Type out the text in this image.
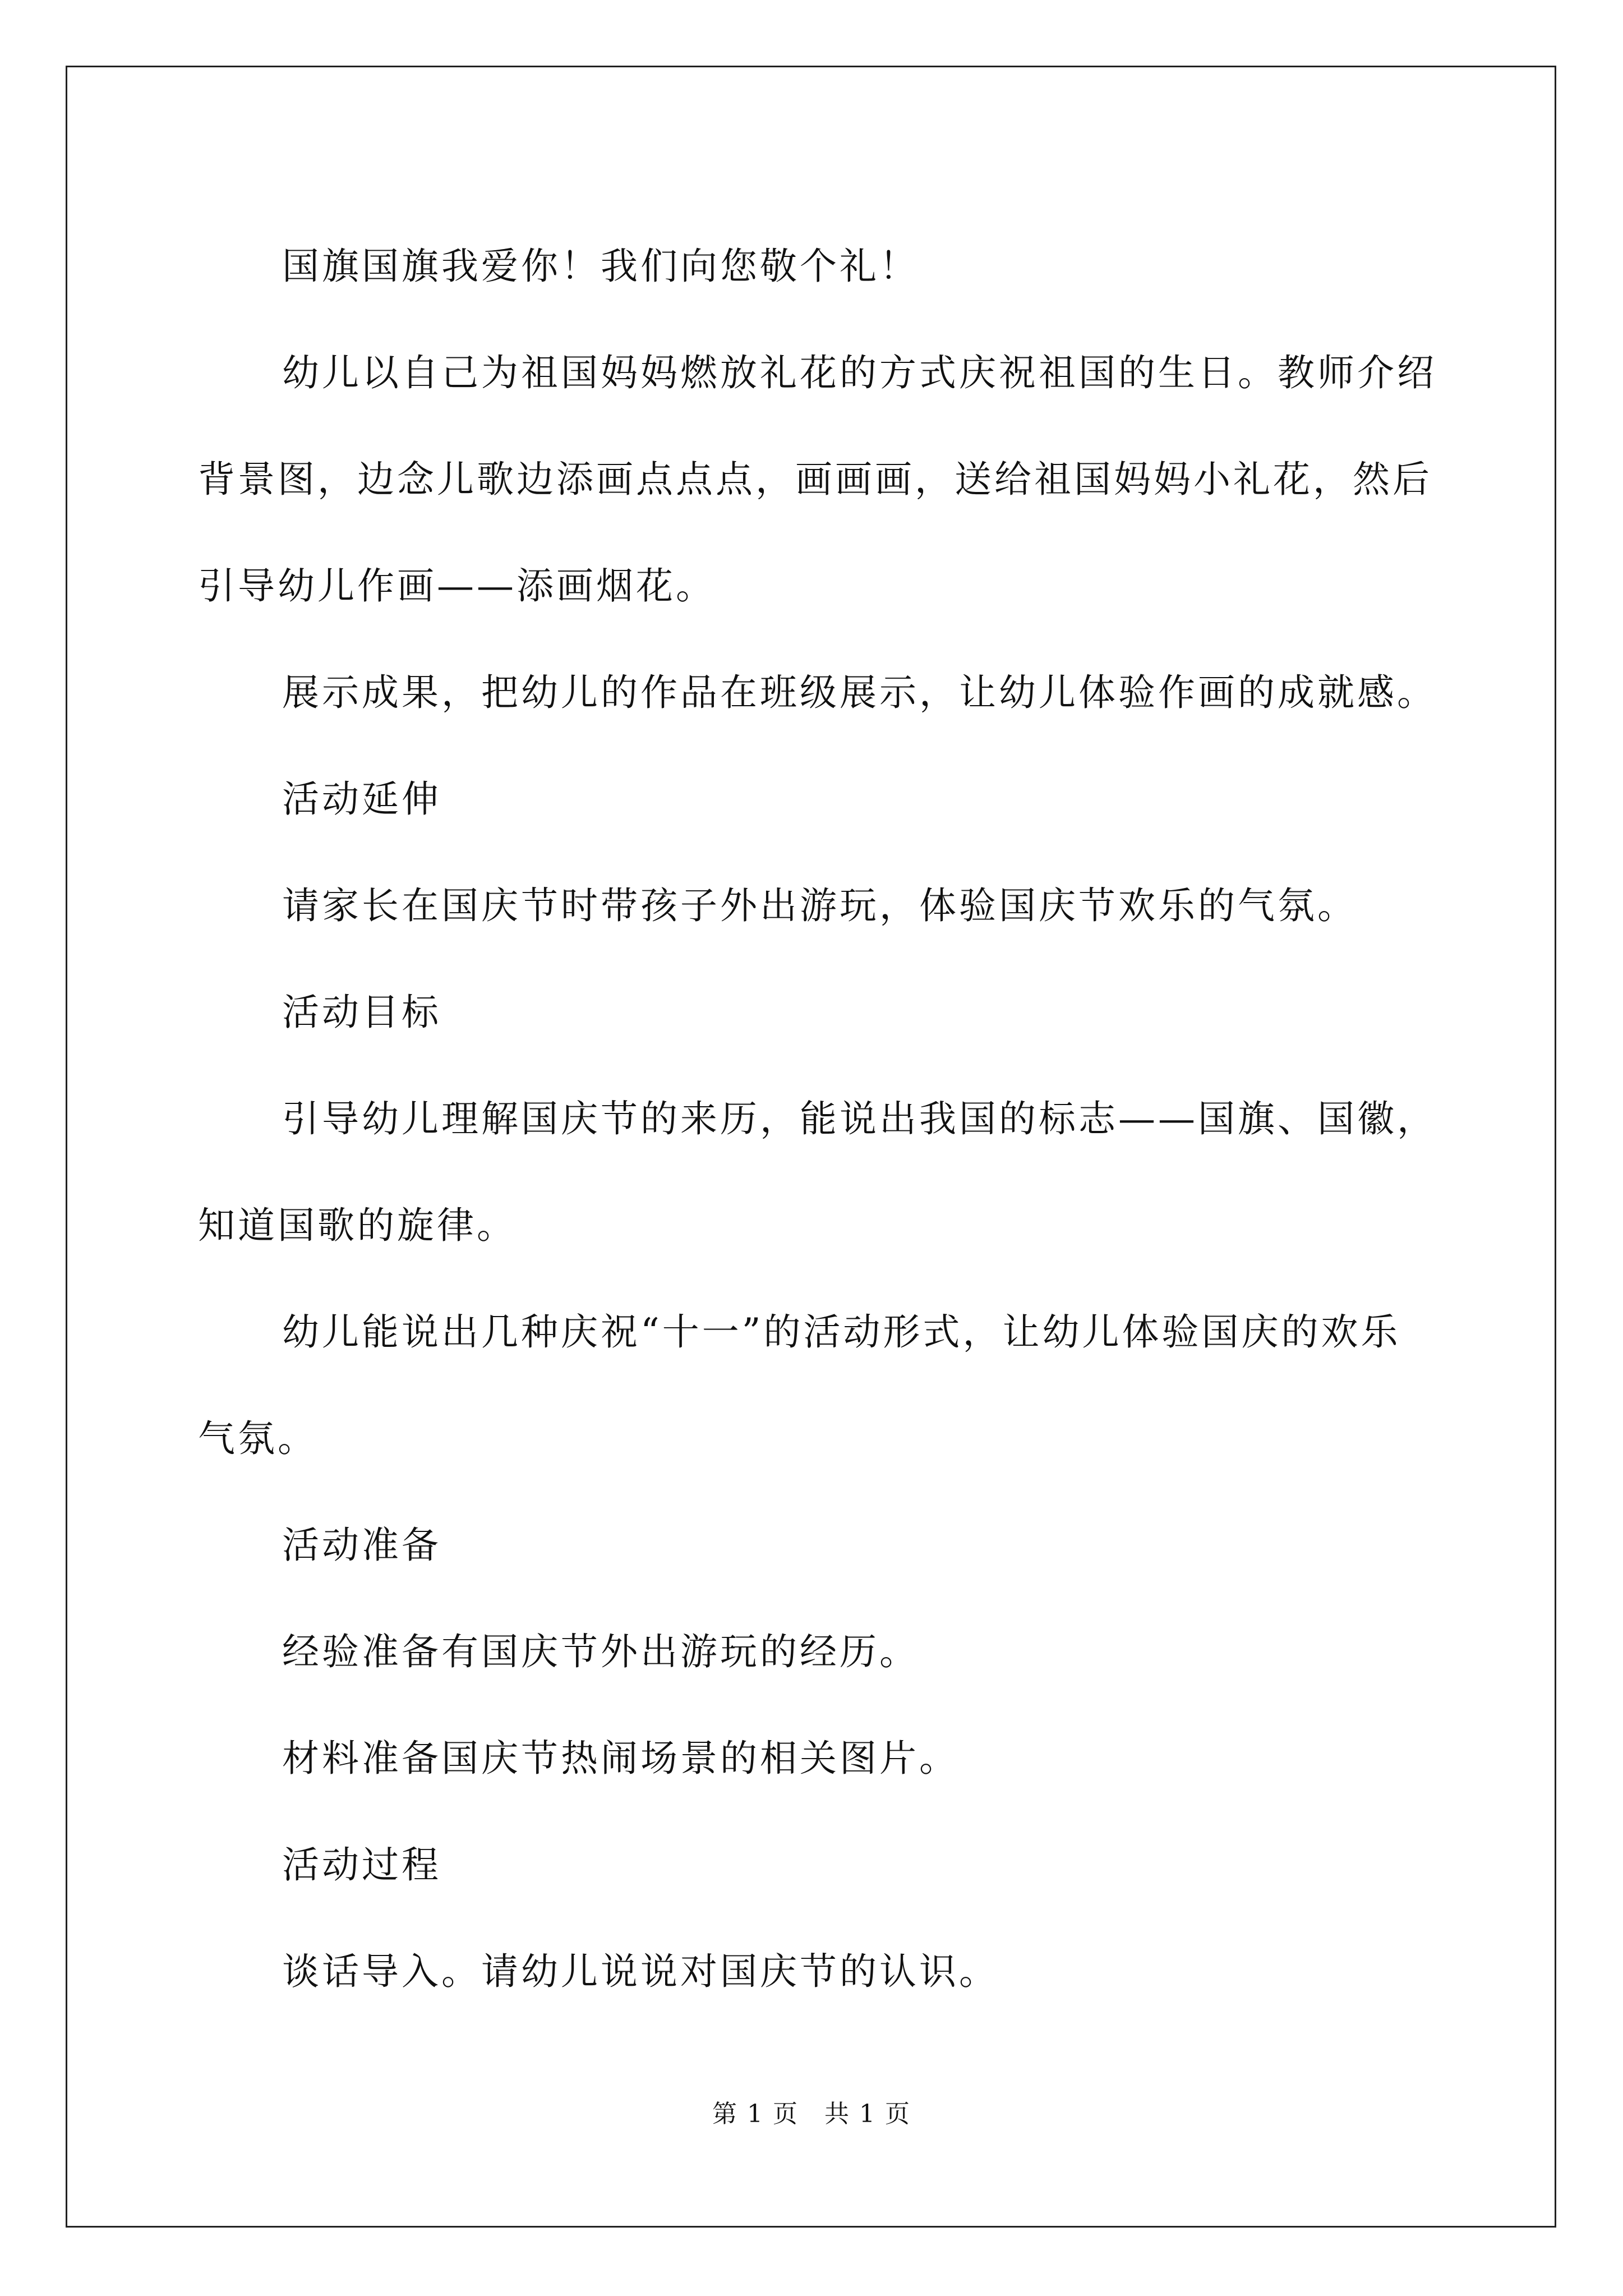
国旗国旗我爱你！我们向您敬个礼！

幼儿以自己为祖国妈妈燃放礼花的方式庆祝祖国的生日。教师介绍背景图，边念儿歌边添画点点点，画画画，送给祖国妈妈小礼花，然后引导幼儿作画——添画烟花。

展示成果，把幼儿的作品在班级展示，让幼儿体验作画的成就感。

活动延伸

请家长在国庆节时带孩子外出游玩，体验国庆节欢乐的气氛。

活动目标

引导幼儿理解国庆节的来历，能说出我国的标志——国旗、国徽，知道国歌的旋律。

幼儿能说出几种庆祝“十一”的活动形式，让幼儿体验国庆的欢乐气氛。

活动准备

经验准备有国庆节外出游玩的经历。

材料准备国庆节热闹场景的相关图片。

活动过程

谈话导入。请幼儿说说对国庆节的认识。

第 1 页　共 1 页
